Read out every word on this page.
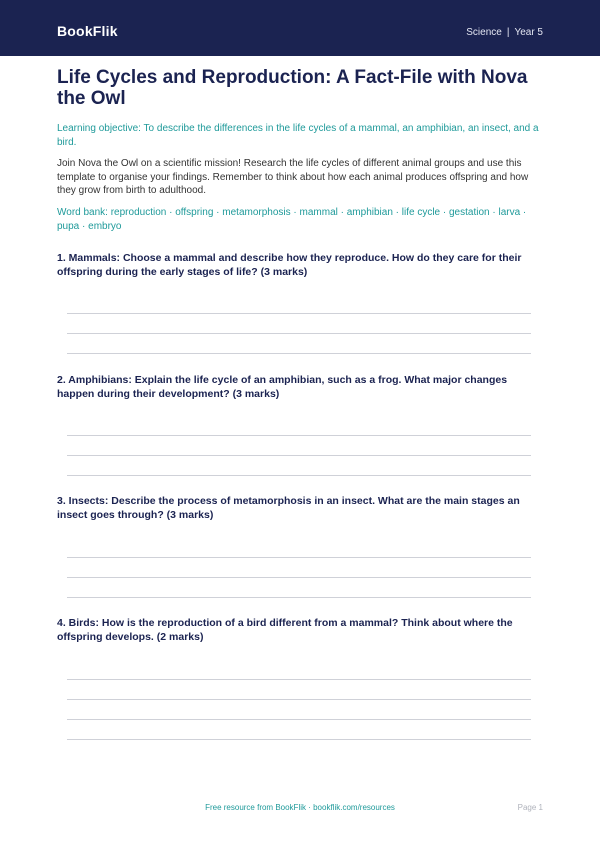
BookFlik	Science | Year 5
Life Cycles and Reproduction: A Fact-File with Nova the Owl

Learning objective: To describe the differences in the life cycles of a mammal, an amphibian, an insect, and a bird.

Join Nova the Owl on a scientific mission! Research the life cycles of different animal groups and use this template to organise your findings. Remember to think about how each animal produces offspring and how they grow from birth to adulthood.

Word bank: reproduction · offspring · metamorphosis · mammal · amphibian · life cycle · gestation · larva · pupa · embryo

1. Mammals: Choose a mammal and describe how they reproduce. How do they care for their offspring during the early stages of life? (3 marks)

2. Amphibians: Explain the life cycle of an amphibian, such as a frog. What major changes happen during their development? (3 marks)

3. Insects: Describe the process of metamorphosis in an insect. What are the main stages an insect goes through? (3 marks)

4. Birds: How is the reproduction of a bird different from a mammal? Think about where the offspring develops. (2 marks)

Free resource from BookFlik · bookflik.com/resources	Page 1
